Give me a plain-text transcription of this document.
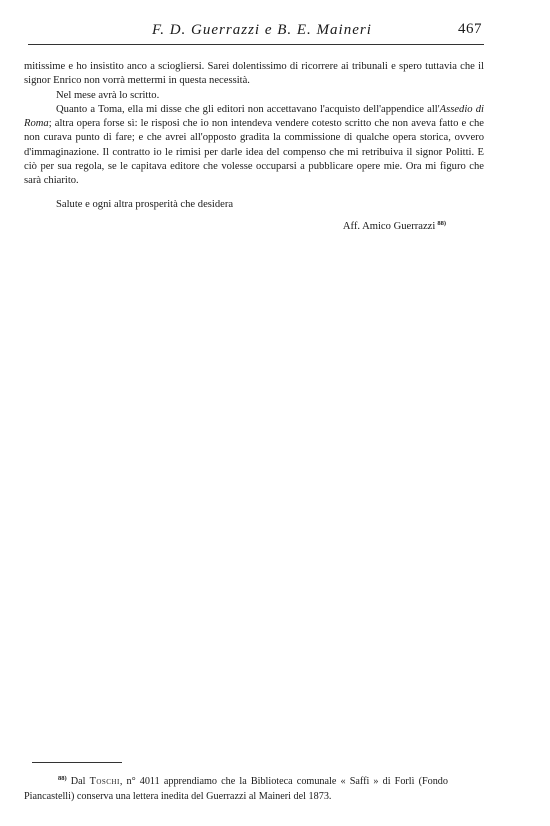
F. D. Guerrazzi e B. E. Maineri	467

mitissime e ho insistito anco a sciogliersi. Sarei dolentissimo di ricorrere ai tribunali e spero tuttavia che il signor Enrico non vorrà mettermi in questa necessità.

Nel mese avrà lo scritto.

Quanto a Toma, ella mi disse che gli editori non accettavano l'acquisto dell'appendice all'Assedio di Roma; altra opera forse sì: le risposi che io non intendeva vendere cotesto scritto che non aveva fatto e che non curava punto di fare; e che avrei all'opposto gradita la commissione di qualche opera storica, ovvero d'immaginazione. Il contratto io le rimisi per darle idea del compenso che mi retribuiva il signor Politti. E ciò per sua regola, se le capitava editore che volesse occuparsi a pubblicare opere mie. Ora mi figuro che sarà chiarito.

Salute e ogni altra prosperità che desidera

Aff. Amico Guerrazzi $^{88)}$

$^{88)}$ Dal Toschi, n° 4011 apprendiamo che la Biblioteca comunale « Saffi » di Forlì (Fondo Piancastelli) conserva una lettera inedita del Guerrazzi al Maineri del 1873.
